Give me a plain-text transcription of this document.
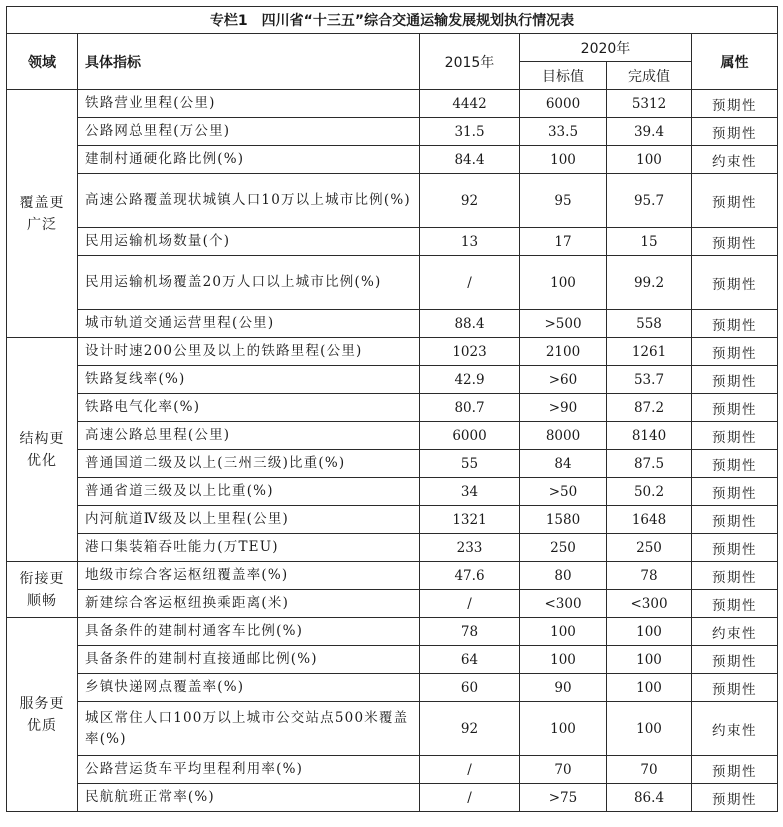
专栏1　四川省“十三五”综合交通运输发展规划执行情况表					
领域	具体指标	2015年	2020年		属性
			目标值	完成值	

覆盖更
广泛	铁路营业里程(公里)	4442	6000	5312	预期性
	公路网总里程(万公里)	31.5	33.5	39.4	预期性
	建制村通硬化路比例(%)	84.4	100	100	约束性
	高速公路覆盖现状城镇人口10万以上城市比例(%)	92	95	95.7	预期性
	民用运输机场数量(个)	13	17	15	预期性
	民用运输机场覆盖20万人口以上城市比例(%)	/	100	99.2	预期性
	城市轨道交通运营里程(公里)	88.4	>500	558	预期性

结构更
优化	设计时速200公里及以上的铁路里程(公里)	1023	2100	1261	预期性
	铁路复线率(%)	42.9	>60	53.7	预期性
	铁路电气化率(%)	80.7	>90	87.2	预期性
	高速公路总里程(公里)	6000	8000	8140	预期性
	普通国道二级及以上(三州三级)比重(%)	55	84	87.5	预期性
	普通省道三级及以上比重(%)	34	>50	50.2	预期性
	内河航道Ⅳ级及以上里程(公里)	1321	1580	1648	预期性
	港口集装箱吞吐能力(万TEU)	233	250	250	预期性

衔接更
顺畅	地级市综合客运枢纽覆盖率(%)	47.6	80	78	预期性
	新建综合客运枢纽换乘距离(米)	/	<300	<300	预期性

服务更
优质	具备条件的建制村通客车比例(%)	78	100	100	约束性
	具备条件的建制村直接通邮比例(%)	64	100	100	预期性
	乡镇快递网点覆盖率(%)	60	90	100	预期性
	城区常住人口100万以上城市公交站点500米覆盖率(%)	92	100	100	约束性
	公路营运货车平均里程利用率(%)	/	70	70	预期性
	民航航班正常率(%)	/	>75	86.4	预期性
